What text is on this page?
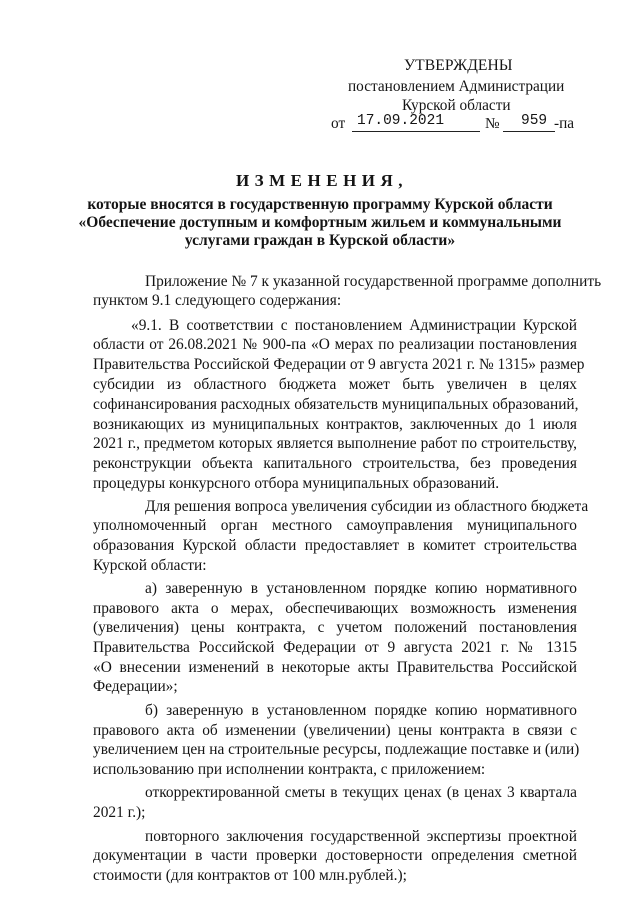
УТВЕРЖДЕНЫ
постановлением Администрации
Курской области
от 17.09.2021	№ 959 -па
ИЗМЕНЕНИЯ,
которые вносятся в государственную программу Курской области
«Обеспечение доступным и комфортным жильем и коммунальными
услугами граждан в Курской области»
Приложение № 7 к указанной государственной программе дополнить
пунктом 9.1 следующего содержания:
«9.1. В соответствии с постановлением Администрации Курской
области от 26.08.2021 № 900-па «О мерах по реализации постановления
Правительства Российской Федерации от 9 августа 2021 г. № 1315» размер
субсидии из областного бюджета может быть увеличен в целях
софинансирования расходных обязательств муниципальных образований,
возникающих из муниципальных контрактов, заключенных до 1 июля
2021 г., предметом которых является выполнение работ по строительству,
реконструкции объекта капитального строительства, без проведения
процедуры конкурсного отбора муниципальных образований.
Для решения вопроса увеличения субсидии из областного бюджета
уполномоченный орган местного самоуправления муниципального
образования Курской области предоставляет в комитет строительства
Курской области:
а) заверенную в установленном порядке копию нормативного
правового акта о мерах, обеспечивающих возможность изменения
(увеличения) цены контракта, с учетом положений постановления
Правительства Российской Федерации от 9 августа 2021 г. № 1315
«О внесении изменений в некоторые акты Правительства Российской
Федерации»;
б) заверенную в установленном порядке копию нормативного
правового акта об изменении (увеличении) цены контракта в связи с
увеличением цен на строительные ресурсы, подлежащие поставке и (или)
использованию при исполнении контракта, с приложением:
откорректированной сметы в текущих ценах (в ценах 3 квартала
2021 г.);
повторного заключения государственной экспертизы проектной
документации в части проверки достоверности определения сметной
стоимости (для контрактов от 100 млн.рублей.);
